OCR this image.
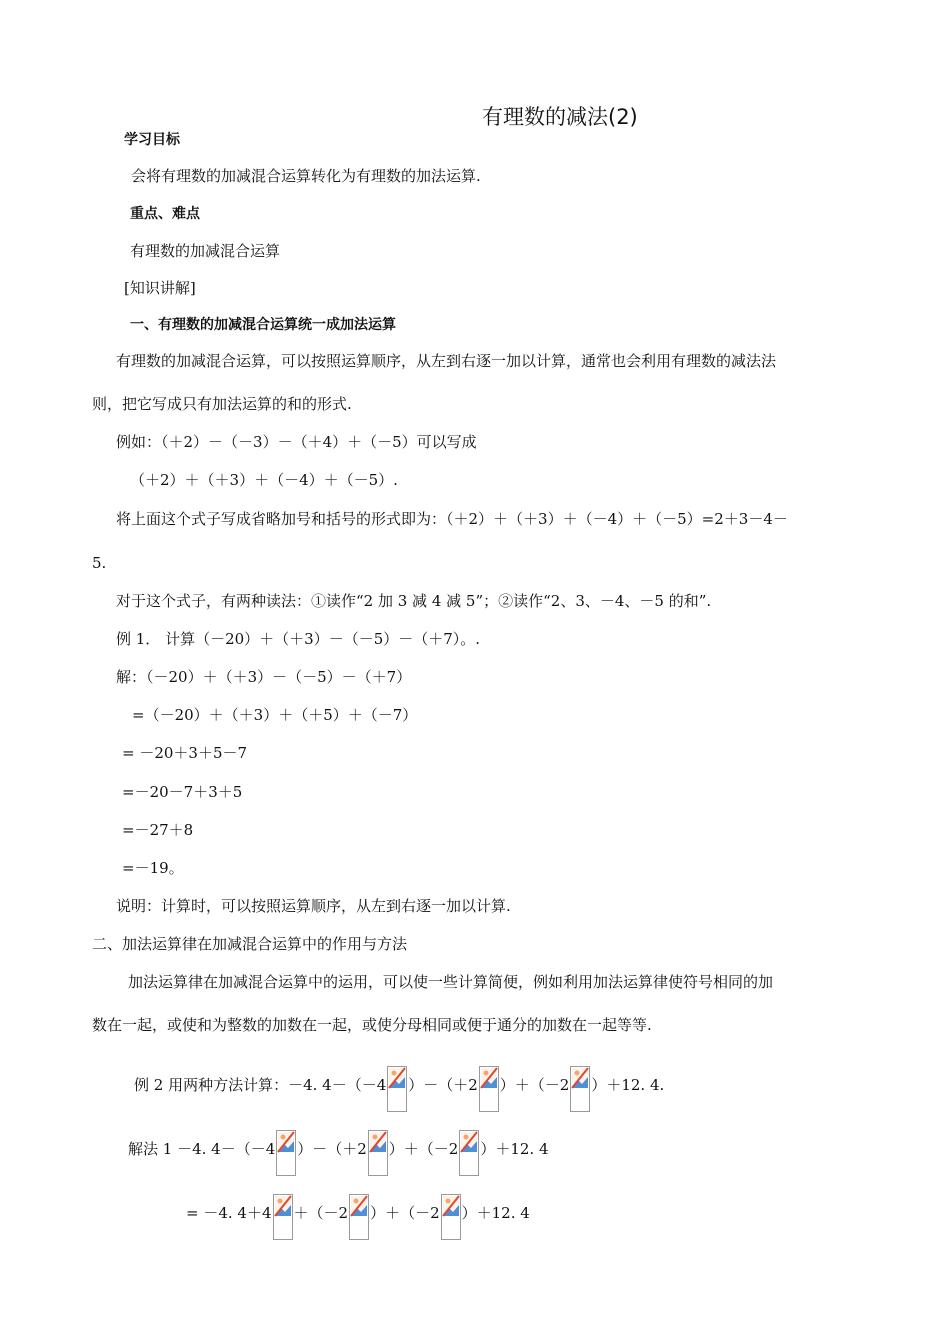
有理数的减法(2)
学习目标
会将有理数的加减混合运算转化为有理数的加法运算.
重点、难点
有理数的加减混合运算
[知识讲解]
一、有理数的加减混合运算统一成加法运算
有理数的加减混合运算，可以按照运算顺序，从左到右逐一加以计算，通常也会利用有理数的减法法
则，把它写成只有加法运算的和的形式.
例如：（＋2）－（－3）－（＋4）＋（－5）可以写成
（＋2）＋（＋3）＋（－4）＋（－5）.
将上面这个式子写成省略加号和括号的形式即为：（＋2）＋（＋3）＋（－4）＋（－5）=2＋3－4－
5.
对于这个式子，有两种读法：①读作“2 加 3 减 4 减 5”；②读作“2、3、－4、－5 的和”.
例 1． 计算（－20）＋（＋3）－（－5）－（＋7）。.
解：（－20）＋（＋3）－（－5）－（＋7）
=（－20）＋（＋3）＋（＋5）＋（－7）
= －20＋3＋5－7
=－20－7＋3＋5
=－27＋8
=－19。
说明：计算时，可以按照运算顺序，从左到右逐一加以计算.
二、加法运算律在加减混合运算中的作用与方法
加法运算律在加减混合运算中的运用，可以使一些计算简便，例如利用加法运算律使符号相同的加
数在一起，或使和为整数的加数在一起，或使分母相同或便于通分的加数在一起等等.
例 2 用两种方法计算：－4. 4－（－4 ）－（＋2 ）＋（－2 ）＋12. 4.
解法 1 －4. 4－（－4 ）－（＋2 ）＋（－2 ）＋12. 4
= －4. 4＋4 ＋（－2 ）＋（－2 ）＋12. 4
